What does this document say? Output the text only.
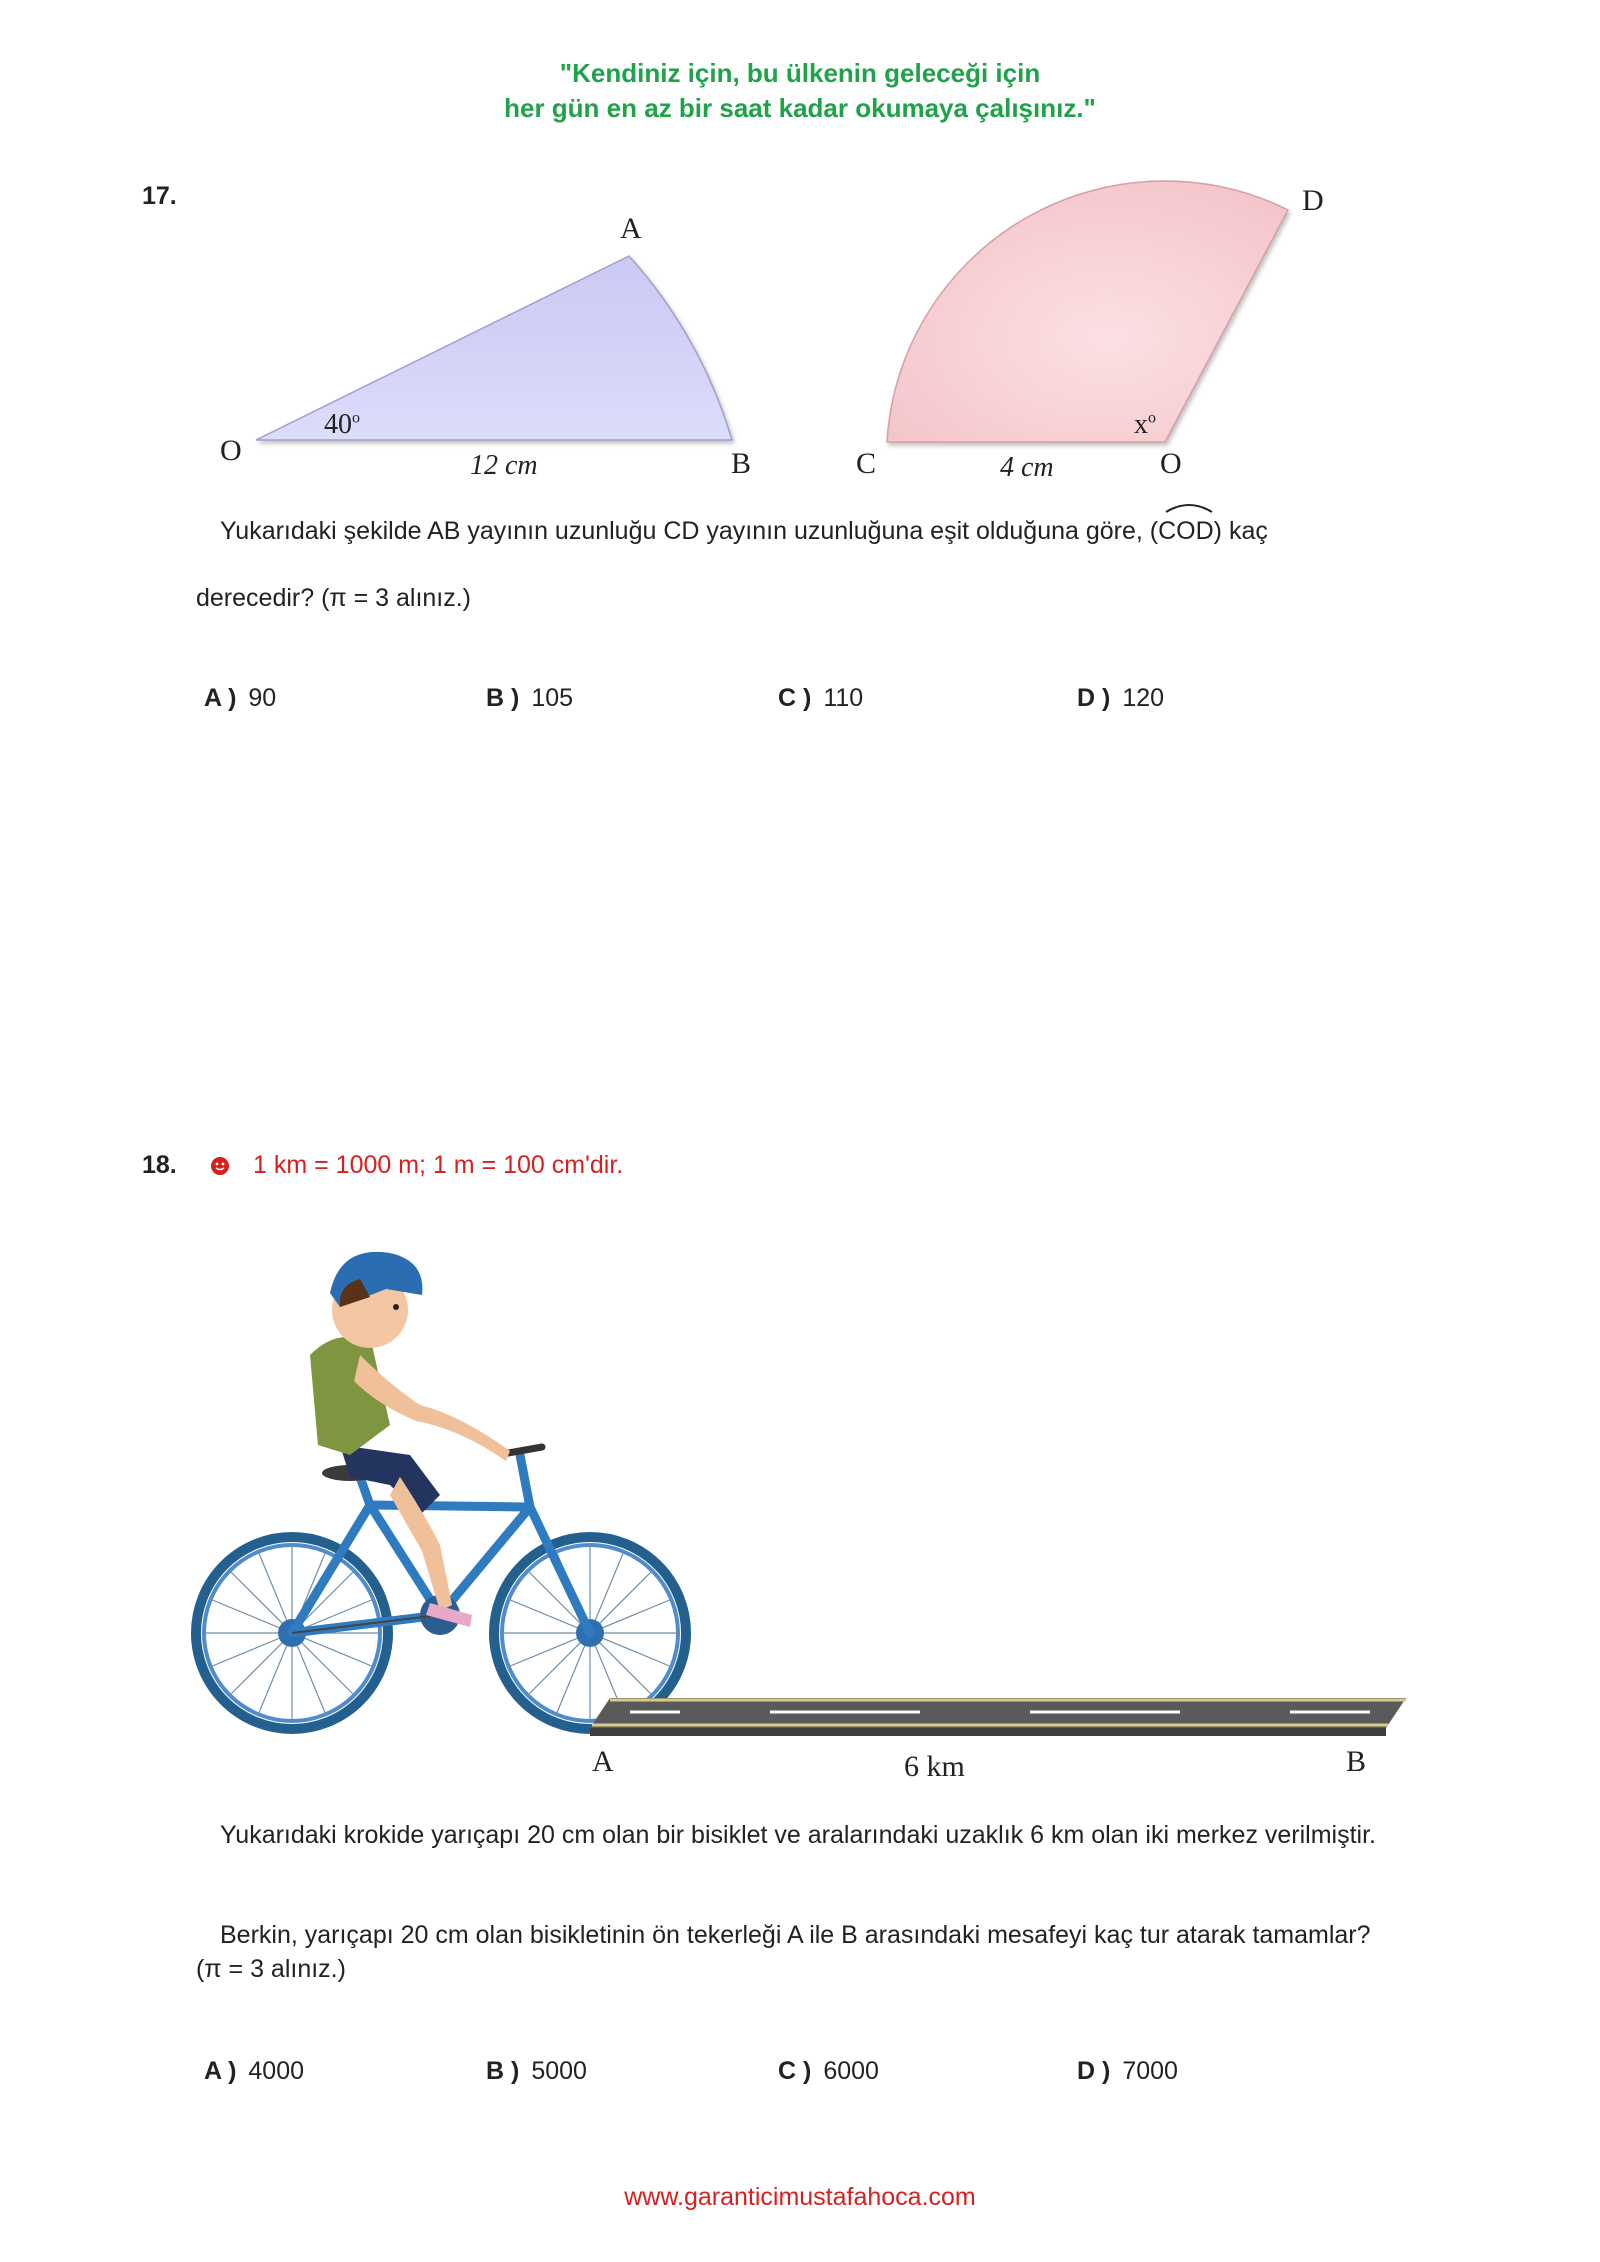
"Kendiniz için, bu ülkenin geleceği için
her gün en az bir saat kadar okumaya çalışınız."
17.
A
O	B
40$^o$
12 cm
D
C	O
$x^o$
4 cm
Yukarıdaki şekilde AB yayının uzunluğu CD yayının uzunluğuna eşit olduğuna göre, (
COD) kaç
derecedir? (π = 3 alınız.)
A ) 90	B ) 105	C ) 110	D ) 120
18.	1 km = 1000 m; 1 m = 100 cm'dir.
A	6 km	B
Yukarıdaki krokide yarıçapı 20 cm olan bir bisiklet ve aralarındaki uzaklık 6 km olan iki merkez verilmiştir.
Berkin, yarıçapı 20 cm olan bisikletinin ön tekerleği A ile B arasındaki mesafeyi kaç tur atarak tamamlar? (π = 3 alınız.)
A ) 4000	B ) 5000	C ) 6000	D ) 7000
www.garanticimustafahoca.com
